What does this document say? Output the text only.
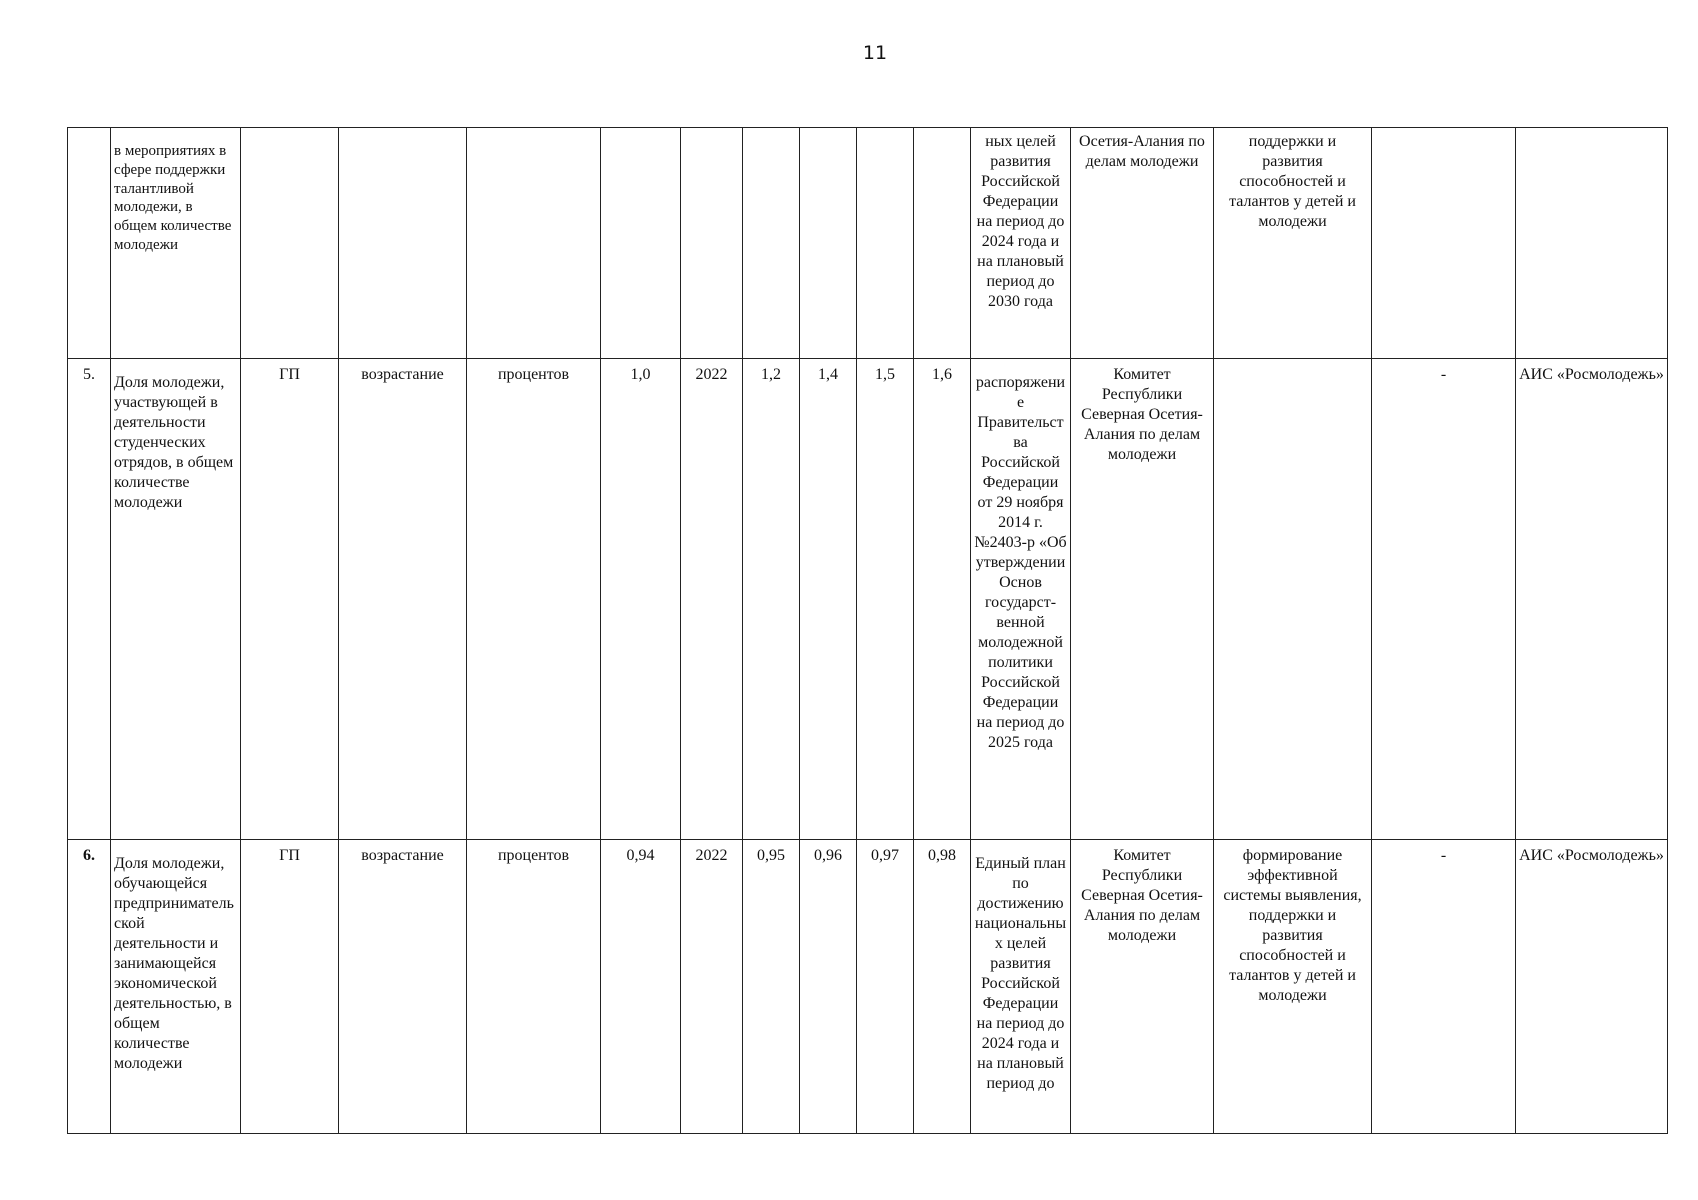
11
	в мероприятиях в сфере поддержки талантливой молодежи, в общем количестве молодежи										ных целей развития Российской Федерации на период до 2024 года и на плановый период до 2030 года	Осетия-Алания по делам молодежи	поддержки и развития способностей и талантов у детей и молодежи		
5.	Доля молодежи, участвующей в деятельности студенческих отрядов, в общем количестве молодежи	ГП	возрастание	процентов	1,0	2022	1,2	1,4	1,5	1,6	распоряжение Правительства Российской Федерации от 29 ноября 2014 г. №2403-р «Об утверждении Основ государст-венной молодежной политики Российской Федерации на период до 2025 года	Комитет Республики Северная Осетия-Алания по делам молодежи		-	АИС «Росмолодежь»
6.	Доля молодежи, обучающейся предпринимательской деятельности и занимающейся экономической деятельностью, в общем количестве молодежи	ГП	возрастание	процентов	0,94	2022	0,95	0,96	0,97	0,98	Единый план по достижению национальных целей развития Российской Федерации на период до 2024 года и на плановый период до	Комитет Республики Северная Осетия-Алания по делам молодежи	формирование эффективной системы выявления, поддержки и развития способностей и талантов у детей и молодежи	-	АИС «Росмолодежь»
